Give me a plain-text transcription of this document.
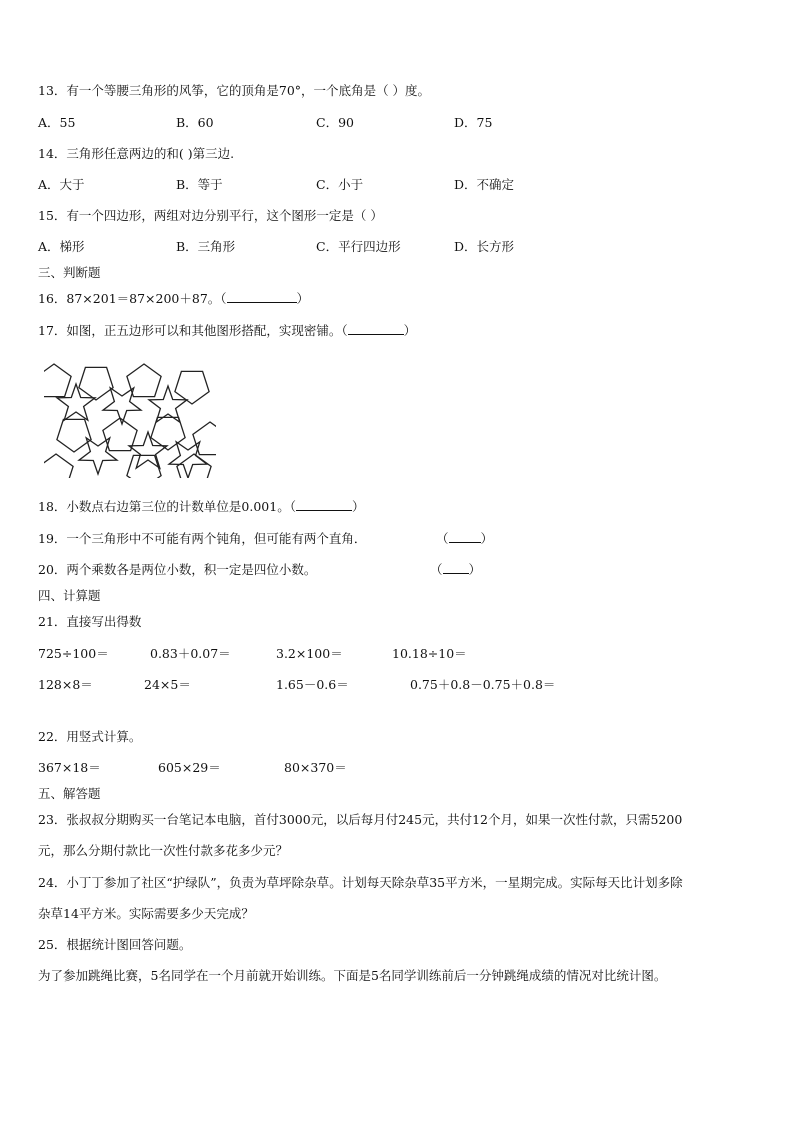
13．有一个等腰三角形的风筝，它的顶角是70°，一个底角是（ ）度。
A．55	B．60	C．90	D．75
14．三角形任意两边的和( )第三边.
A．大于	B．等于	C．小于	D．不确定
15．有一个四边形，两组对边分别平行，这个图形一定是（ ）
A．梯形	B．三角形	C．平行四边形	D．长方形
三、判断题
16．87×201＝87×200＋87。（	）
17．如图，正五边形可以和其他图形搭配，实现密铺。（	）
18．小数点右边第三位的计数单位是0.001。（	）
19．一个三角形中不可能有两个钝角，但可能有两个直角．	（	）
20．两个乘数各是两位小数，积一定是四位小数。	（ ）
四、计算题
21．直接写出得数
725÷100＝	0.83＋0.07＝	3.2×100＝	10.18÷10＝
128×8＝	24×5＝	1.65－0.6＝	0.75＋0.8－0.75＋0.8＝
22．用竖式计算。
367×18＝	605×29＝	80×370＝
五、解答题
23．张叔叔分期购买一台笔记本电脑，首付3000元，以后每月付245元，共付12个月，如果一次性付款，只需5200
元，那么分期付款比一次性付款多花多少元？
24．小丁丁参加了社区“护绿队”，负责为草坪除杂草。计划每天除杂草35平方米，一星期完成。实际每天比计划多除
杂草14平方米。实际需要多少天完成？
25．根据统计图回答问题。
为了参加跳绳比赛，5名同学在一个月前就开始训练。下面是5名同学训练前后一分钟跳绳成绩的情况对比统计图。
